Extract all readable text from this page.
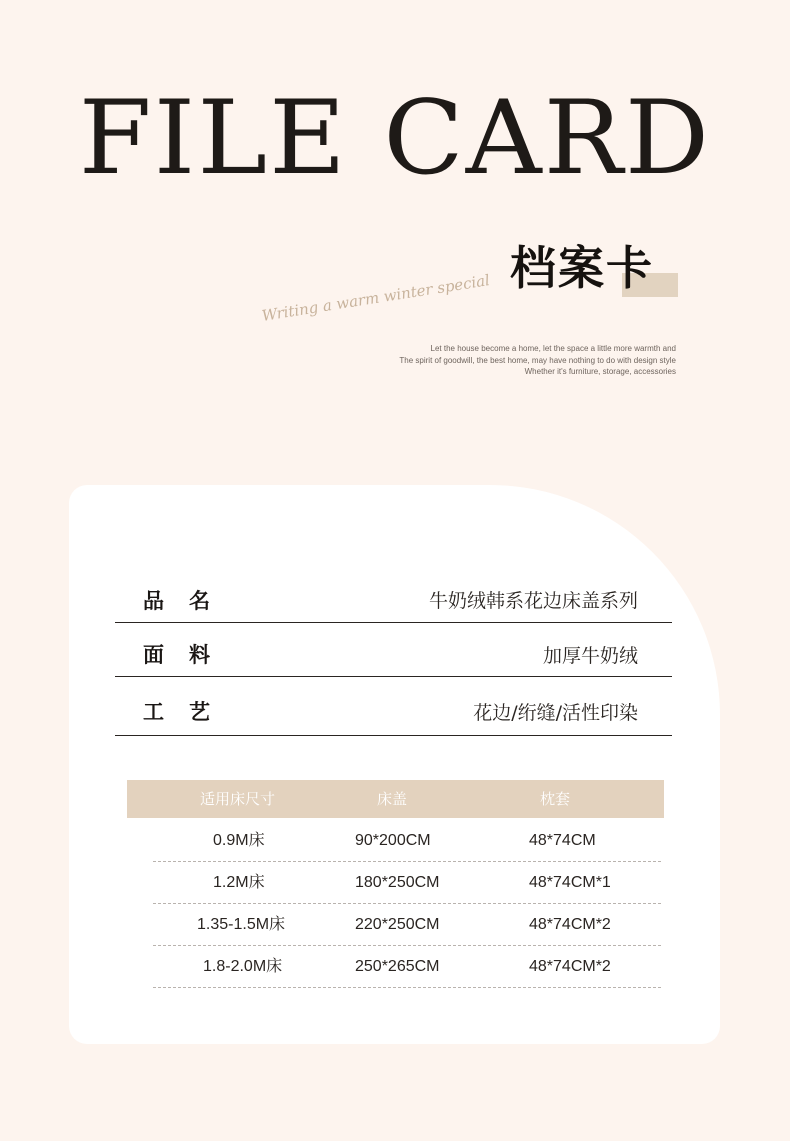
FILE CARD
档案卡
Writing a warm winter special
Let the house become a home, let the space a little more warmth and
The spirit of goodwill, the best home, may have nothing to do with design style
Whether it's furniture, storage, accessories
品名	牛奶绒韩系花边床盖系列
面料	加厚牛奶绒
工艺	花边/绗缝/活性印染
适用床尺寸	床盖	枕套
0.9M床	90*200CM	48*74CM
1.2M床	180*250CM	48*74CM*1
1.35-1.5M床	220*250CM	48*74CM*2
1.8-2.0M床	250*265CM	48*74CM*2
